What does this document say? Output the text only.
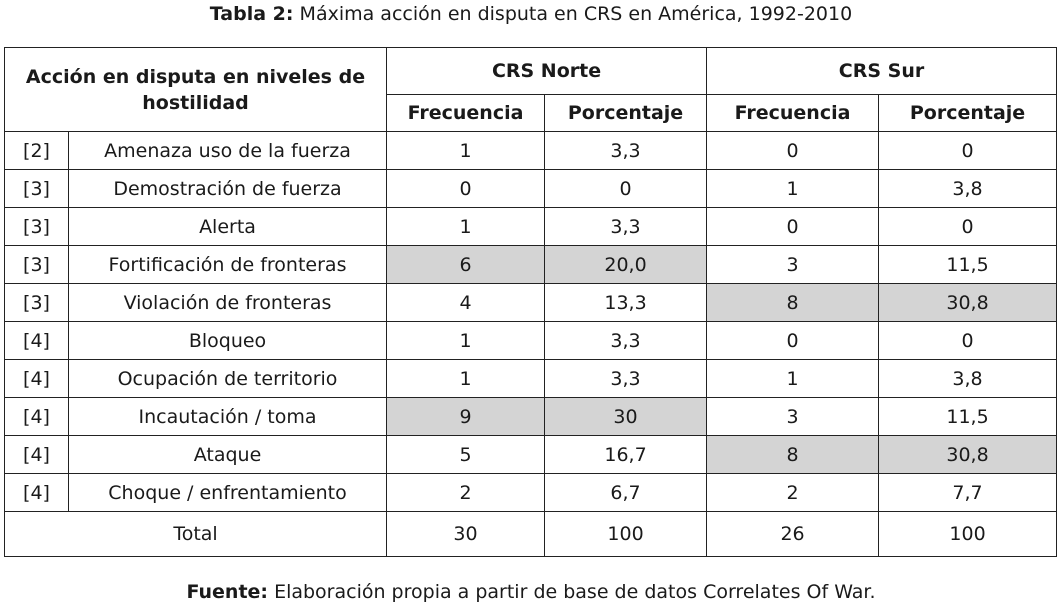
Tabla 2: Máxima acción en disputa en CRS en América, 1992-2010
Acción en disputa en niveles de hostilidad		CRS Norte		CRS Sur	
		Frecuencia	Porcentaje	Frecuencia	Porcentaje
[2]	Amenaza uso de la fuerza	1	3,3	0	0
[3]	Demostración de fuerza	0	0	1	3,8
[3]	Alerta	1	3,3	0	0
[3]	Fortificación de fronteras	6	20,0	3	11,5
[3]	Violación de fronteras	4	13,3	8	30,8
[4]	Bloqueo	1	3,3	0	0
[4]	Ocupación de territorio	1	3,3	1	3,8
[4]	Incautación / toma	9	30	3	11,5
[4]	Ataque	5	16,7	8	30,8
[4]	Choque / enfrentamiento	2	6,7	2	7,7
Total		30	100	26	100
Fuente: Elaboración propia a partir de base de datos Correlates Of War.
